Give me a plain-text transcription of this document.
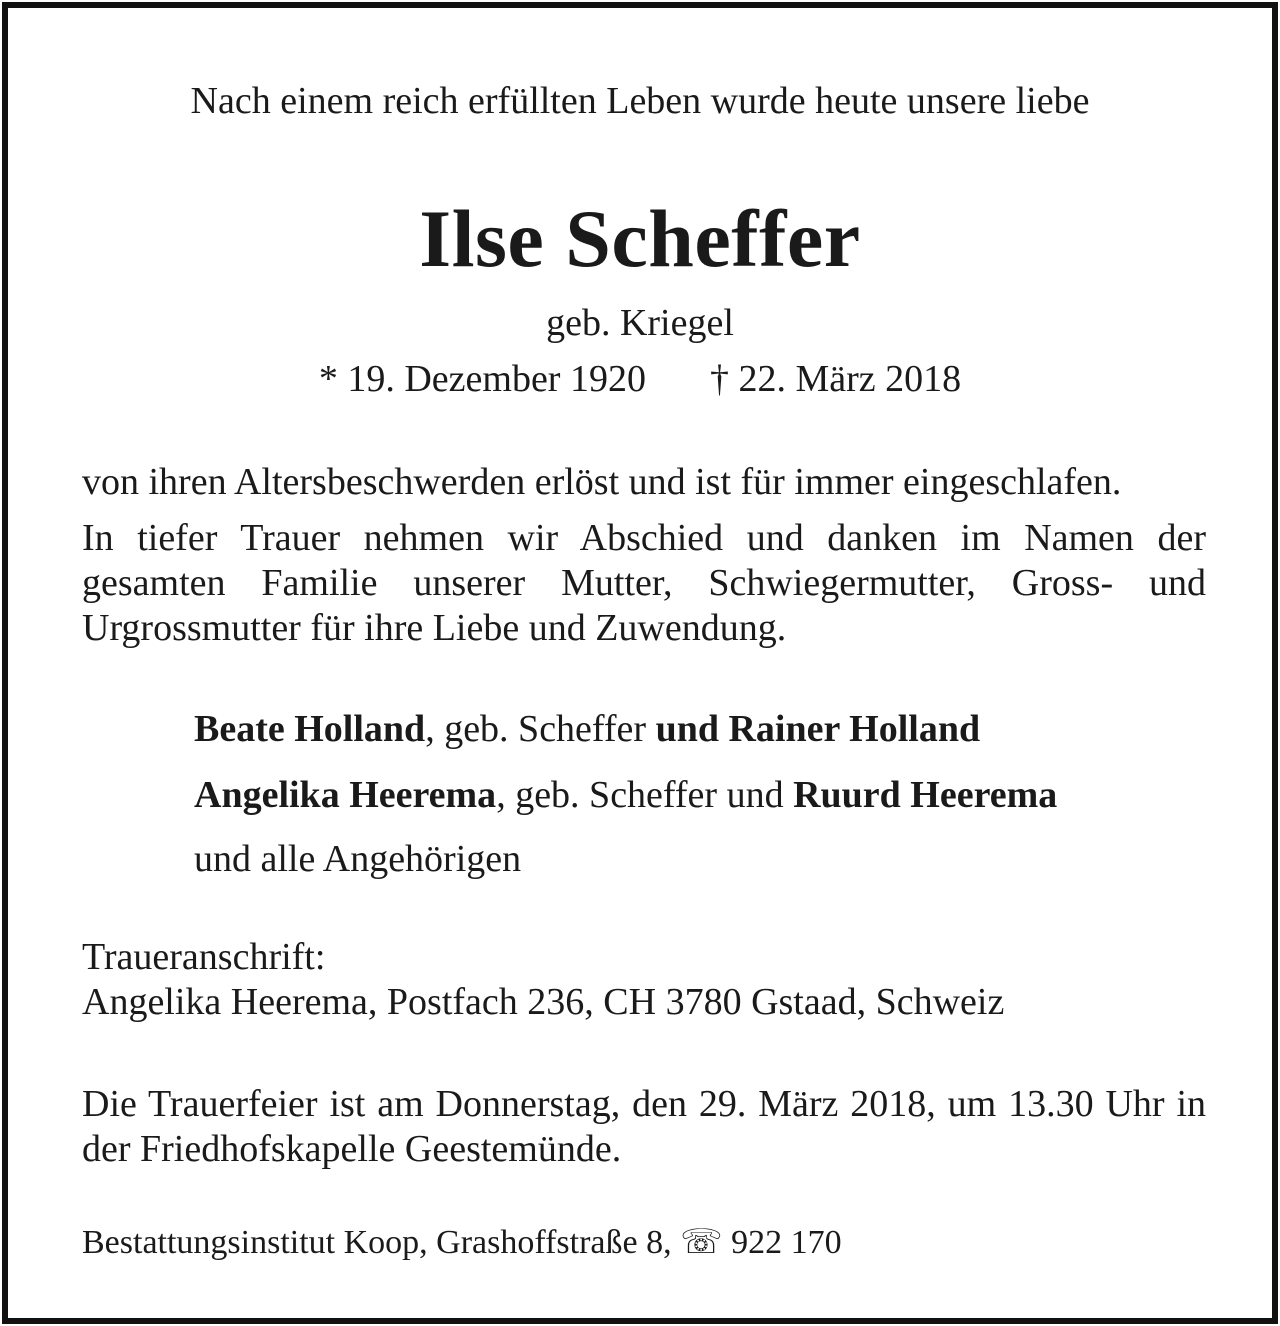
Nach einem reich erfüllten Leben wurde heute unsere liebe
Ilse Scheffer
geb. Kriegel
* 19. Dezember 1920 † 22. März 2018
von ihren Altersbeschwerden erlöst und ist für immer eingeschlafen.
In tiefer Trauer nehmen wir Abschied und danken im Namen der gesamten Familie unserer Mutter, Schwiegermutter, Gross- und Urgrossmutter für ihre Liebe und Zuwendung.
Beate Holland, geb. Scheffer und Rainer Holland
Angelika Heerema, geb. Scheffer und Ruurd Heerema
und alle Angehörigen
Traueranschrift:
Angelika Heerema, Postfach 236, CH 3780 Gstaad, Schweiz
Die Trauerfeier ist am Donnerstag, den 29. März 2018, um 13.30 Uhr in der Friedhofskapelle Geestemünde.
Bestattungsinstitut Koop, Grashoffstraße 8, ☏ 922 170
